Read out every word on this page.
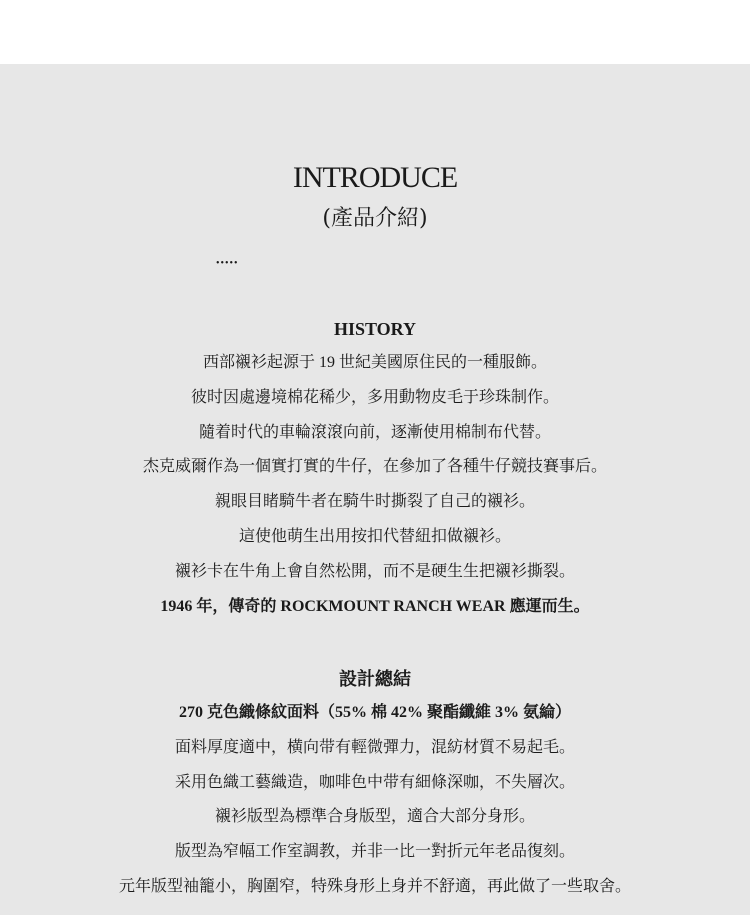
INTRODUCE
(產品介紹)
•••••
HISTORY
西部襯衫起源于 19 世紀美國原住民的一種服飾。
彼时因處邊境棉花稀少，多用動物皮毛于珍珠制作。
隨着时代的車輪滾滾向前，逐漸使用棉制布代替。
杰克威爾作為一個實打實的牛仔，在參加了各種牛仔競技賽事后。
親眼目睹騎牛者在騎牛时撕裂了自己的襯衫。
這使他萌生出用按扣代替紐扣做襯衫。
襯衫卡在牛角上會自然松開，而不是硬生生把襯衫撕裂。
1946 年，傳奇的 ROCKMOUNT RANCH WEAR 應運而生。
設計總結
270 克色織條紋面料（55% 棉 42% 聚酯纖維 3% 氨綸）
面料厚度適中，横向带有輕微彈力，混紡材質不易起毛。
采用色織工藝織造，咖啡色中带有細條深咖，不失層次。
襯衫版型為標準合身版型，適合大部分身形。
版型為窄幅工作室調教，并非一比一對折元年老品復刻。
元年版型袖籠小，胸圍窄，特殊身形上身并不舒適，再此做了一些取舍。
